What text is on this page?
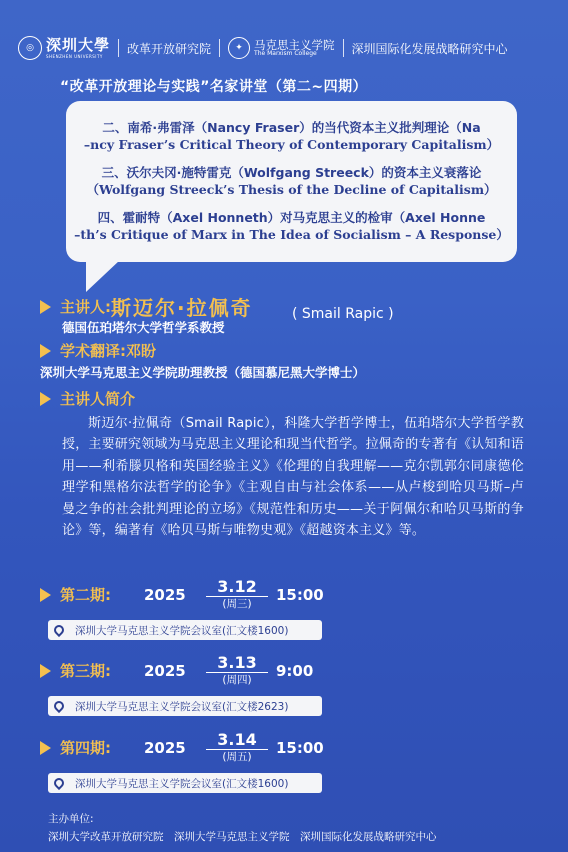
◎ 深圳大學
SHENZHEN UNIVERSITY
改革开放研究院	✦ 马克思主义学院
The Marxism College	深圳国际化发展战略研究中心
“改革开放理论与实践”名家讲堂（第二~四期）
二、南希·弗雷泽（Nancy Fraser）的当代资本主义批判理论（Na
–ncy Fraser’s Critical Theory of Contemporary Capitalism）
三、沃尔夫冈·施特雷克（Wolfgang Streeck）的资本主义衰落论
（Wolfgang Streeck’s Thesis of the Decline of Capitalism）
四、霍耐特（Axel Honneth）对马克思主义的检审（Axel Honne
–th’s Critique of Marx in The Idea of Socialism – A Response）
主讲人: 斯迈尔·拉佩奇	( Smail Rapic )
德国伍珀塔尔大学哲学系教授
学术翻译:邓盼
深圳大学马克思主义学院助理教授（德国慕尼黑大学博士）
主讲人简介
斯迈尔·拉佩奇（Smail Rapic），科隆大学哲学博士，伍珀塔尔大学哲学教授，主要研究领域为马克思主义理论和现当代哲学。拉佩奇的专著有《认知和语用——利希滕贝格和英国经验主义》《伦理的自我理解——克尔凯郭尔同康德伦理学和黑格尔法哲学的论争》《主观自由与社会体系——从卢梭到哈贝马斯–卢曼之争的社会批判理论的立场》《规范性和历史——关于阿佩尔和哈贝马斯的争论》等，编著有《哈贝马斯与唯物史观》《超越资本主义》等。
第二期:	2025	3.12
(周三)
15:00
深圳大学马克思主义学院会议室(汇文楼1600)
第三期:	2025	3.13
(周四)
9:00
深圳大学马克思主义学院会议室(汇文楼2623)
第四期:	2025	3.14
(周五)
15:00
深圳大学马克思主义学院会议室(汇文楼1600)
主办单位:
深圳大学改革开放研究院　深圳大学马克思主义学院　深圳国际化发展战略研究中心
